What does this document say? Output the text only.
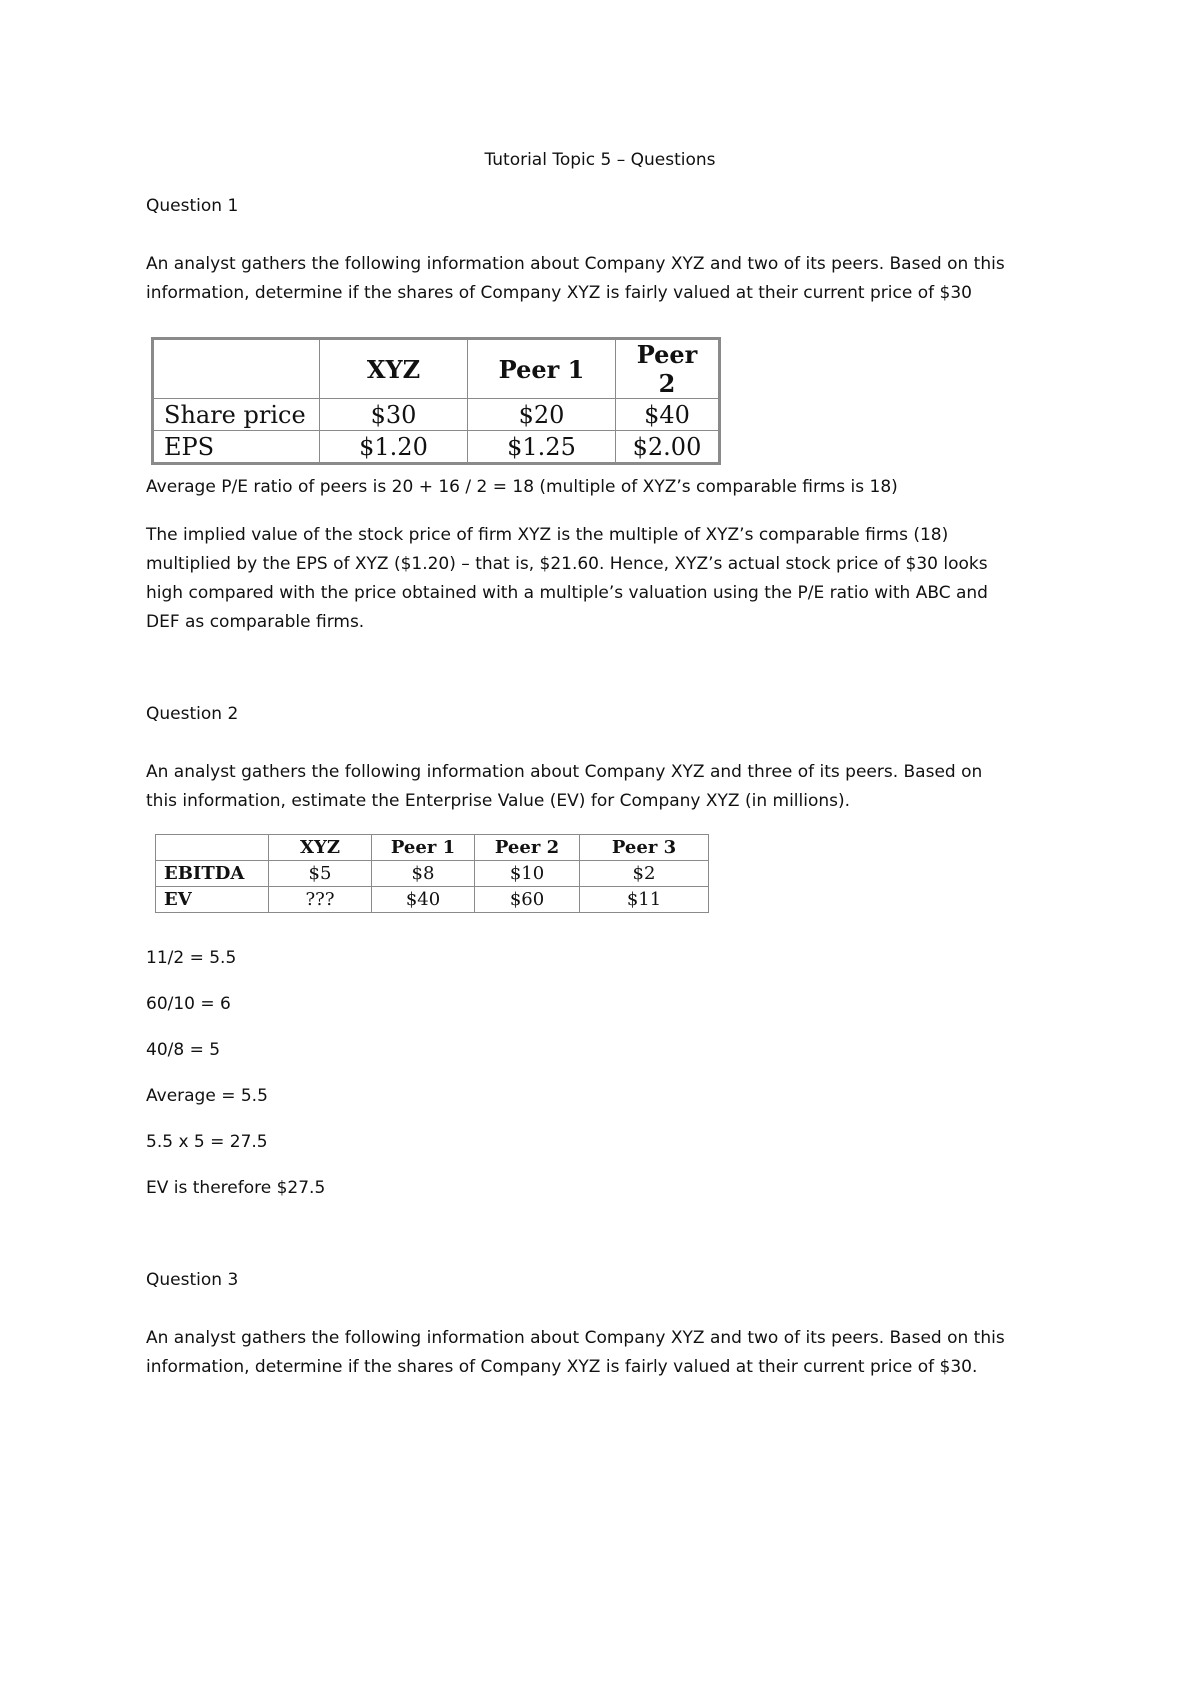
Tutorial Topic 5 – Questions
Question 1
An analyst gathers the following information about Company XYZ and two of its peers. Based on this
information, determine if the shares of Company XYZ is fairly valued at their current price of $30
	XYZ	Peer 1	Peer 2
Share price	$30	$20	$40
EPS	$1.20	$1.25	$2.00
Average P/E ratio of peers is 20 + 16 / 2 = 18 (multiple of XYZ’s comparable firms is 18)
The implied value of the stock price of firm XYZ is the multiple of XYZ’s comparable firms (18)
multiplied by the EPS of XYZ ($1.20) – that is, $21.60. Hence, XYZ’s actual stock price of $30 looks
high compared with the price obtained with a multiple’s valuation using the P/E ratio with ABC and
DEF as comparable firms.
Question 2
An analyst gathers the following information about Company XYZ and three of its peers. Based on
this information, estimate the Enterprise Value (EV) for Company XYZ (in millions).
	XYZ	Peer 1	Peer 2	Peer 3
EBITDA	$5	$8	$10	$2
EV	???	$40	$60	$11
11/2 = 5.5
60/10 = 6
40/8 = 5
Average = 5.5
5.5 x 5 = 27.5
EV is therefore $27.5
Question 3
An analyst gathers the following information about Company XYZ and two of its peers. Based on this
information, determine if the shares of Company XYZ is fairly valued at their current price of $30.
